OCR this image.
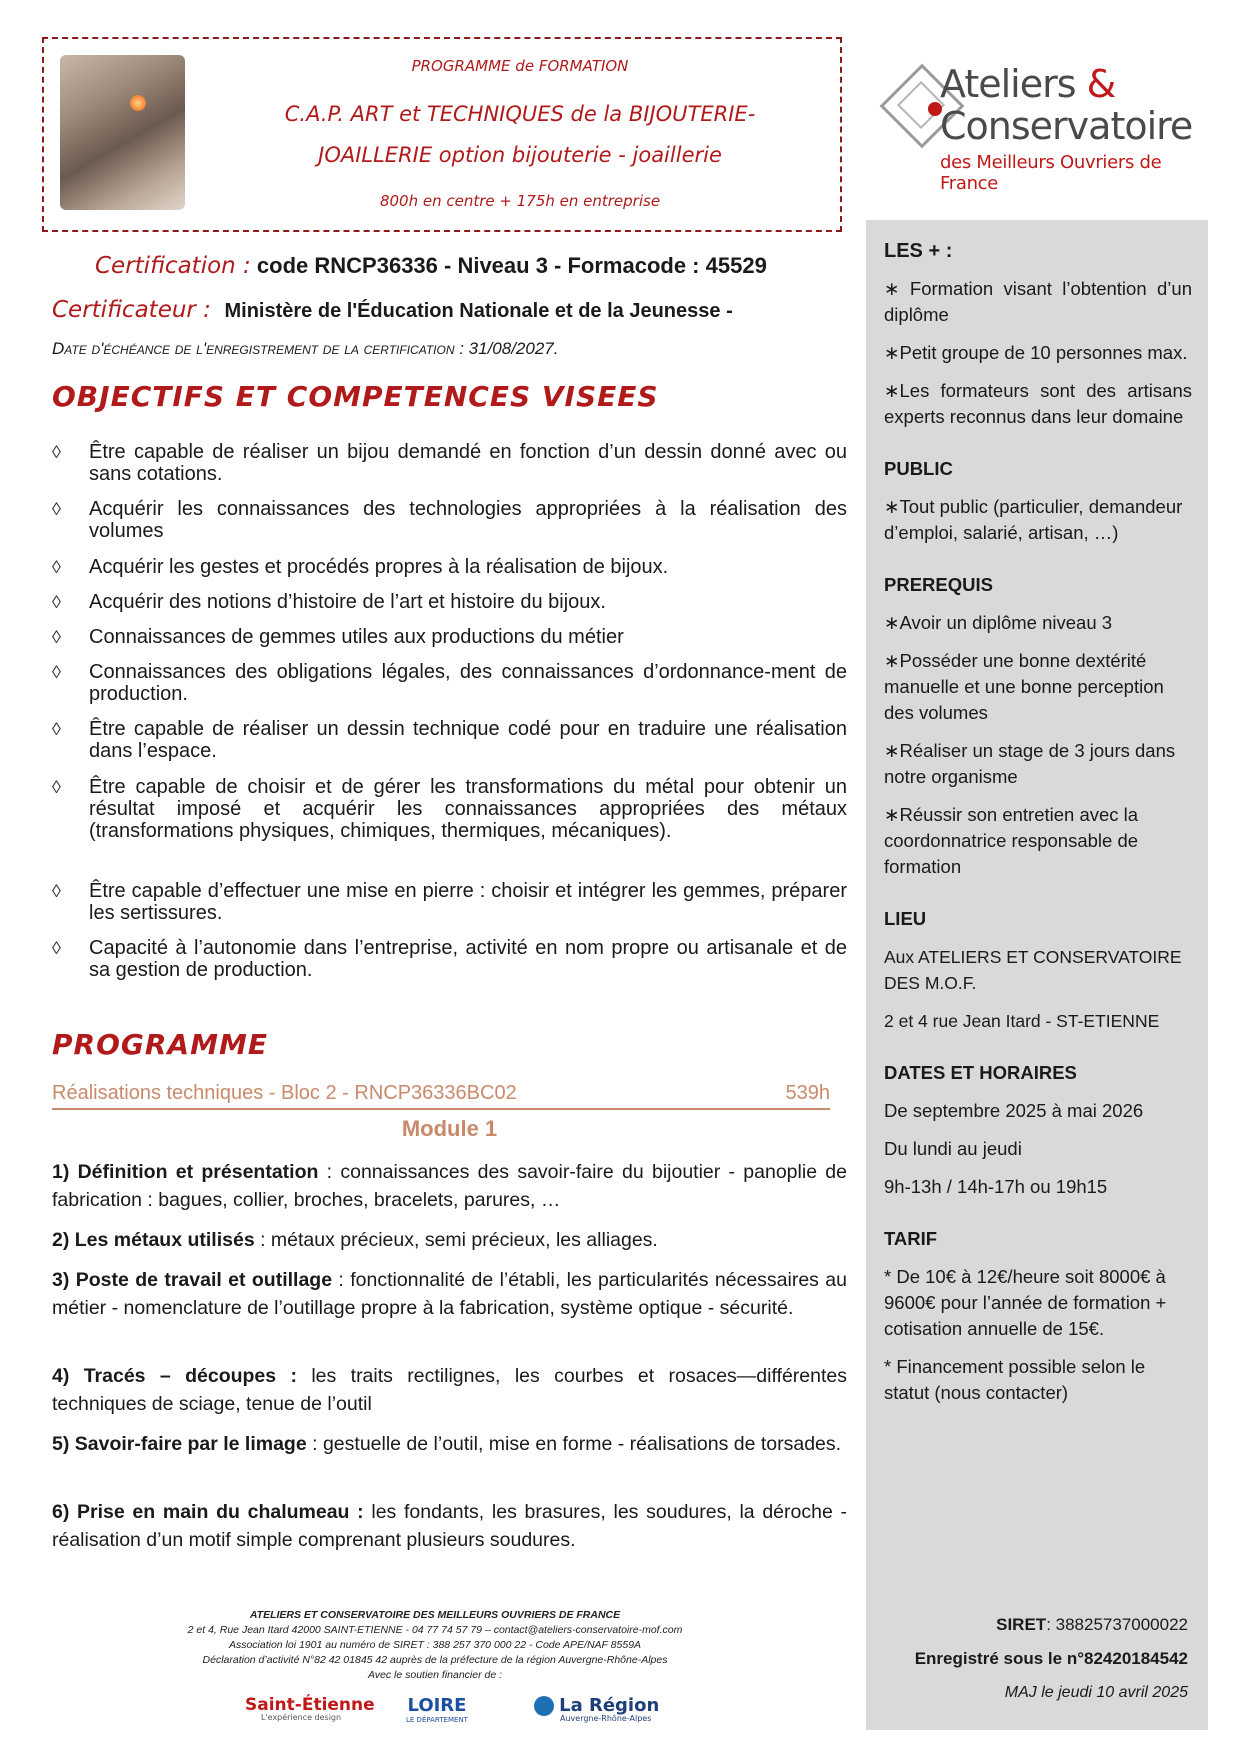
PROGRAMME de FORMATION
C.A.P. ART et TECHNIQUES de la BIJOUTERIE-
JOAILLERIE option bijouterie - joaillerie
800h en centre + 175h en entreprise
Ateliers &
Conservatoire
des Meilleurs Ouvriers de France
Certification : code RNCP36336 - Niveau 3 - Formacode : 45529
Certificateur : Ministère de l'Éducation Nationale et de la Jeunesse -
Date d'échéance de l'enregistrement de la certification : 31/08/2027.
OBJECTIFS ET COMPETENCES VISEES
◊ Être capable de réaliser un bijou demandé en fonction d’un dessin donné avec ou sans cotations.
◊ Acquérir les connaissances des technologies appropriées à la réalisation des volumes
◊ Acquérir les gestes et procédés propres à la réalisation de bijoux.
◊ Acquérir des notions d’histoire de l’art et histoire du bijoux.
◊ Connaissances de gemmes utiles aux productions du métier
◊ Connaissances des obligations légales, des connaissances d’ordonnance-ment de production.
◊ Être capable de réaliser un dessin technique codé pour en traduire une réalisation dans l’espace.
◊ Être capable de choisir et de gérer les transformations du métal pour obtenir un résultat imposé et acquérir les connaissances appropriées des métaux (transformations physiques, chimiques, thermiques, mécaniques).
◊ Être capable d’effectuer une mise en pierre : choisir et intégrer les gemmes, préparer les sertissures.
◊ Capacité à l’autonomie dans l’entreprise, activité en nom propre ou artisanale et de sa gestion de production.
PROGRAMME
Réalisations techniques - Bloc 2 - RNCP36336BC02	539h
Module 1
1) Définition et présentation : connaissances des savoir-faire du bijoutier - panoplie de fabrication : bagues, collier, broches, bracelets, parures, …
2) Les métaux utilisés : métaux précieux, semi précieux, les alliages.
3) Poste de travail et outillage : fonctionnalité de l’établi, les particularités nécessaires au métier - nomenclature de l’outillage propre à la fabrication, système optique - sécurité.
4) Tracés – découpes : les traits rectilignes, les courbes et rosaces—différentes techniques de sciage, tenue de l’outil
5) Savoir-faire par le limage : gestuelle de l’outil, mise en forme - réalisations de torsades.
6) Prise en main du chalumeau : les fondants, les brasures, les soudures, la déroche - réalisation d’un motif simple comprenant plusieurs soudures.

LES + :

∗ Formation visant l’obtention d’un diplôme

∗Petit groupe de 10 personnes max.

∗Les formateurs sont des artisans experts reconnus dans leur domaine

PUBLIC

∗Tout public (particulier, demandeur d’emploi, salarié, artisan, …)

PREREQUIS

∗Avoir un diplôme niveau 3

∗Posséder une bonne dextérité manuelle et une bonne perception des volumes

∗Réaliser un stage de 3 jours dans notre organisme

∗Réussir son entretien avec la coordonnatrice responsable de formation

LIEU

Aux ATELIERS ET CONSERVATOIRE DES M.O.F.

2 et 4 rue Jean Itard - ST-ETIENNE

DATES ET HORAIRES

De septembre 2025 à mai 2026

Du lundi au jeudi

9h-13h / 14h-17h ou 19h15

TARIF

* De 10€ à 12€/heure soit 8000€ à 9600€ pour l’année de formation + cotisation annuelle de 15€.

* Financement possible selon le statut (nous contacter)

SIRET: 38825737000022
Enregistré sous le n°82420184542
MAJ le jeudi 10 avril 2025
ATELIERS ET CONSERVATOIRE DES MEILLEURS OUVRIERS DE FRANCE
2 et 4, Rue Jean Itard 42000 SAINT-ETIENNE - 04 77 74 57 79 – contact@ateliers-conservatoire-mof.com
Association loi 1901 au numéro de SIRET : 388 257 370 000 22 - Code APE/NAF 8559A
Déclaration d’activité N°82 42 01845 42 auprès de la préfecture de la région Auvergne-Rhône-Alpes
Avec le soutien financier de :
Saint-Étienne
L'expérience design
LOIRE
LE DÉPARTEMENT
La Région
Auvergne-Rhône-Alpes
